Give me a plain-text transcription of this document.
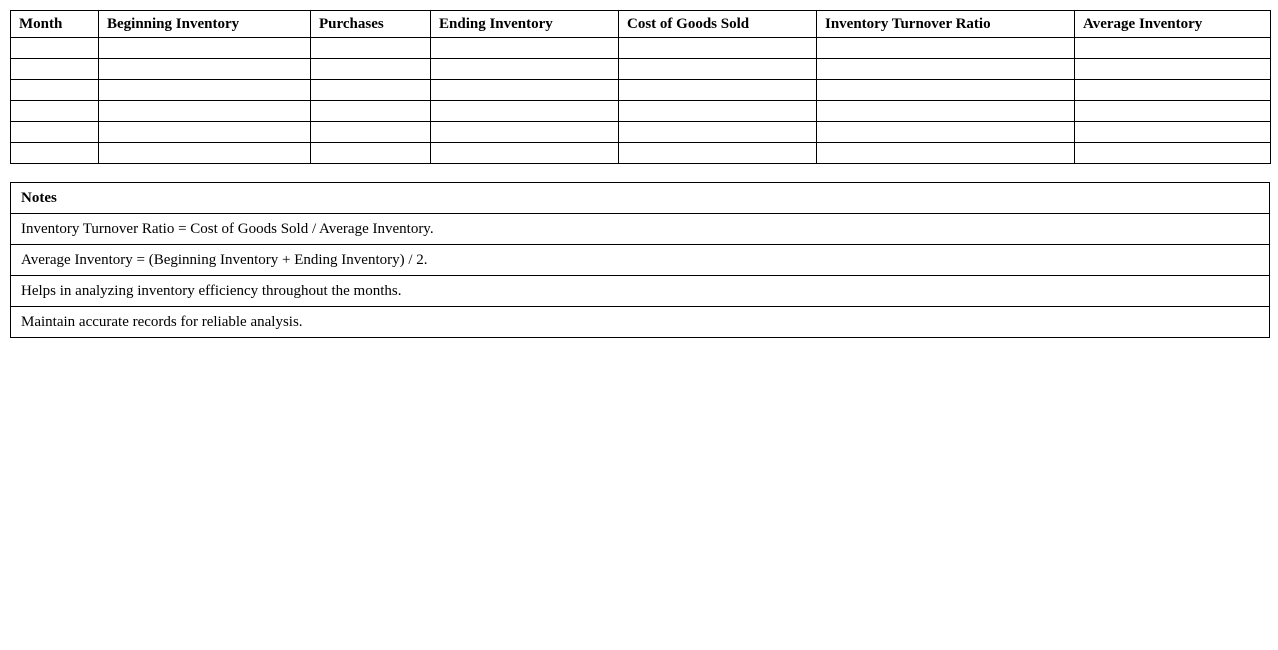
Month	Beginning Inventory	Purchases	Ending Inventory	Cost of Goods Sold	Inventory Turnover Ratio	Average Inventory

Notes
Inventory Turnover Ratio = Cost of Goods Sold / Average Inventory.
Average Inventory = (Beginning Inventory + Ending Inventory) / 2.
Helps in analyzing inventory efficiency throughout the months.
Maintain accurate records for reliable analysis.
